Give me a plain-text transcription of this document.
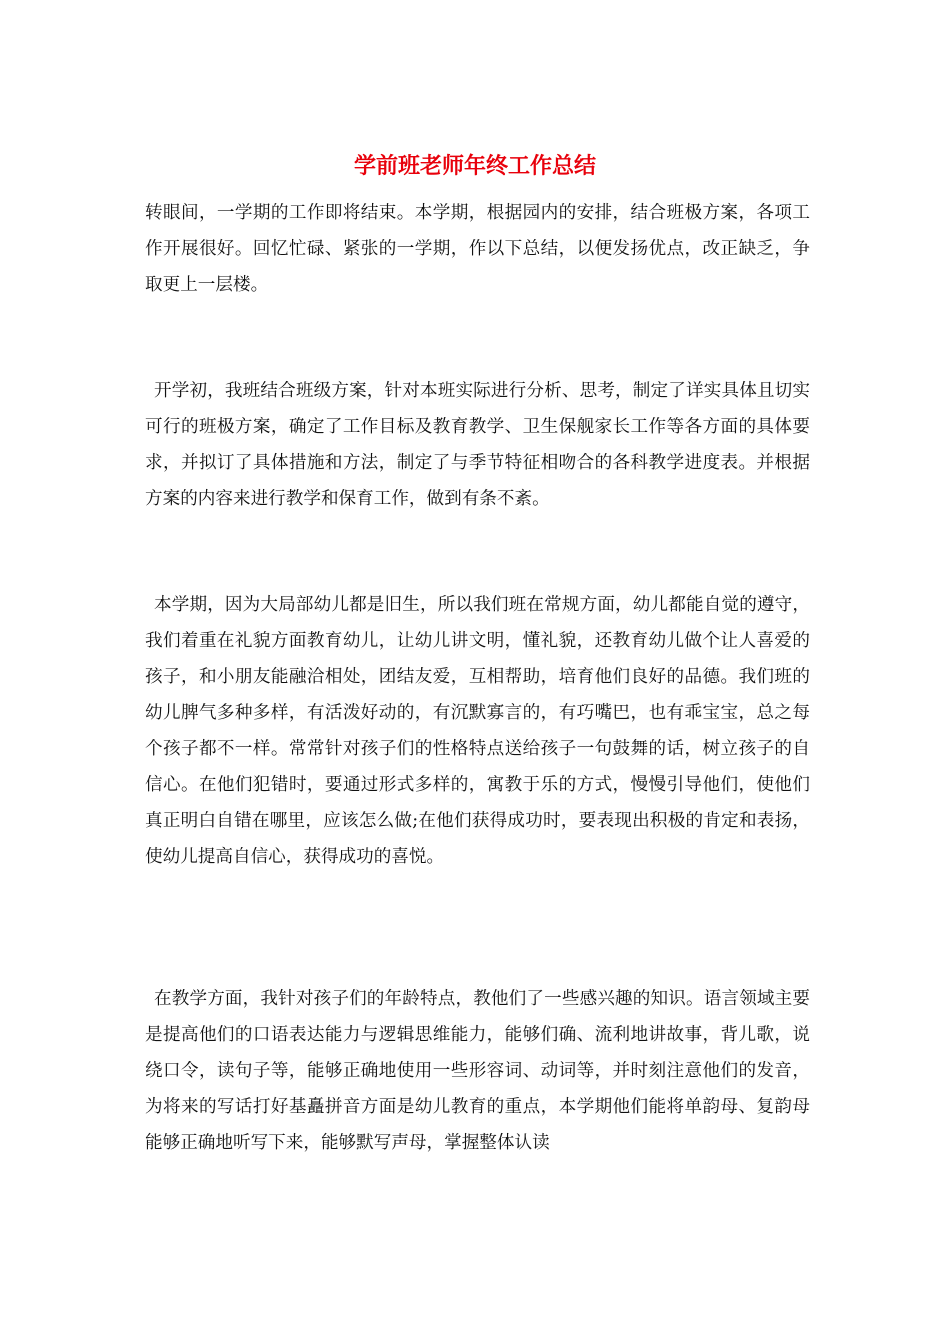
学前班老师年终工作总结

转眼间，一学期的工作即将结束。本学期，根据园内的安排，结合班极方案，各项工作开展很好。回忆忙碌、紧张的一学期，作以下总结，以便发扬优点，改正缺乏，争取更上一层楼。

开学初，我班结合班级方案，针对本班实际进行分析、思考，制定了详实具体且切实可行的班极方案，确定了工作目标及教育教学、卫生保舰家长工作等各方面的具体要求，并拟订了具体措施和方法，制定了与季节特征相吻合的各科教学进度表。并根据方案的内容来进行教学和保育工作，做到有条不紊。

本学期，因为大局部幼儿都是旧生，所以我们班在常规方面，幼儿都能自觉的遵守，我们着重在礼貌方面教育幼儿，让幼儿讲文明，懂礼貌，还教育幼儿做个让人喜爱的孩子，和小朋友能融洽相处，团结友爱，互相帮助，培育他们良好的品德。我们班的幼儿脾气多种多样，有活泼好动的，有沉默寡言的，有巧嘴巴，也有乖宝宝，总之每个孩子都不一样。常常针对孩子们的性格特点送给孩子一句鼓舞的话，树立孩子的自信心。在他们犯错时，要通过形式多样的，寓教于乐的方式，慢慢引导他们，使他们真正明白自错在哪里，应该怎么做;在他们获得成功时，要表现出积极的肯定和表扬，使幼儿提高自信心，获得成功的喜悦。

在教学方面，我针对孩子们的年龄特点，教他们了一些感兴趣的知识。语言领域主要是提高他们的口语表达能力与逻辑思维能力，能够们确、流利地讲故事，背儿歌，说绕口令，读句子等，能够正确地使用一些形容词、动词等，并时刻注意他们的发音，为将来的写话打好基矗拼音方面是幼儿教育的重点，本学期他们能将单韵母、复韵母能够正确地听写下来，能够默写声母，掌握整体认读
